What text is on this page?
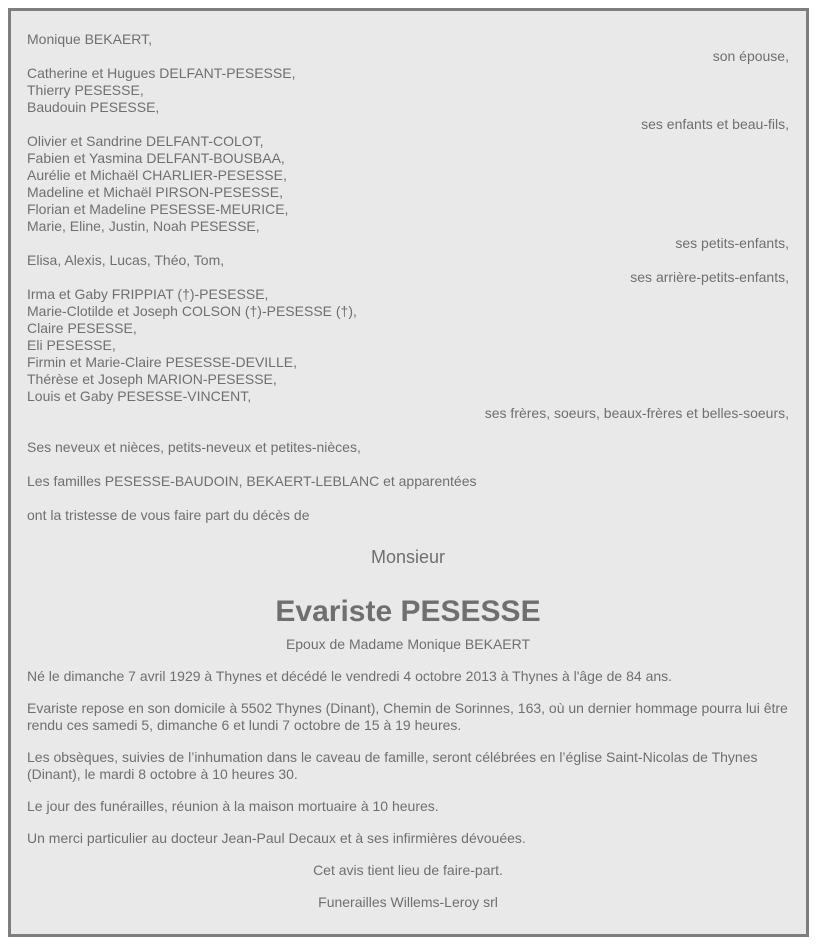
Monique BEKAERT,
son épouse,
Catherine et Hugues DELFANT-PESESSE,
Thierry PESESSE,
Baudouin PESESSE,
ses enfants et beau-fils,
Olivier et Sandrine DELFANT-COLOT,
Fabien et Yasmina DELFANT-BOUSBAA,
Aurélie et Michaël CHARLIER-PESESSE,
Madeline et Michaël PIRSON-PESESSE,
Florian et Madeline PESESSE-MEURICE,
Marie, Eline, Justin, Noah PESESSE,
ses petits-enfants,
Elisa, Alexis, Lucas, Théo, Tom,
ses arrière-petits-enfants,
Irma et Gaby FRIPPIAT (†)-PESESSE,
Marie-Clotilde et Joseph COLSON (†)-PESESSE (†),
Claire PESESSE,
Eli PESESSE,
Firmin et Marie-Claire PESESSE-DEVILLE,
Thérèse et Joseph MARION-PESESSE,
Louis et Gaby PESESSE-VINCENT,
ses frères, soeurs, beaux-frères et belles-soeurs,
Ses neveux et nièces, petits-neveux et petites-nièces,
Les familles PESESSE-BAUDOIN, BEKAERT-LEBLANC et apparentées
ont la tristesse de vous faire part du décès de
Monsieur
Evariste PESESSE
Epoux de Madame Monique BEKAERT
Né le dimanche 7 avril 1929 à Thynes et décédé le vendredi 4 octobre 2013 à Thynes à l'âge de 84 ans.
Evariste repose en son domicile à 5502 Thynes (Dinant), Chemin de Sorinnes, 163, où un dernier hommage pourra lui être rendu ces samedi 5, dimanche 6 et lundi 7 octobre de 15 à 19 heures.
Les obsèques, suivies de l’inhumation dans le caveau de famille, seront célébrées en l’église Saint-Nicolas de Thynes (Dinant), le mardi 8 octobre à 10 heures 30.
Le jour des funérailles, réunion à la maison mortuaire à 10 heures.
Un merci particulier au docteur Jean-Paul Decaux et à ses infirmières dévouées.
Cet avis tient lieu de faire-part.
Funerailles Willems-Leroy srl
